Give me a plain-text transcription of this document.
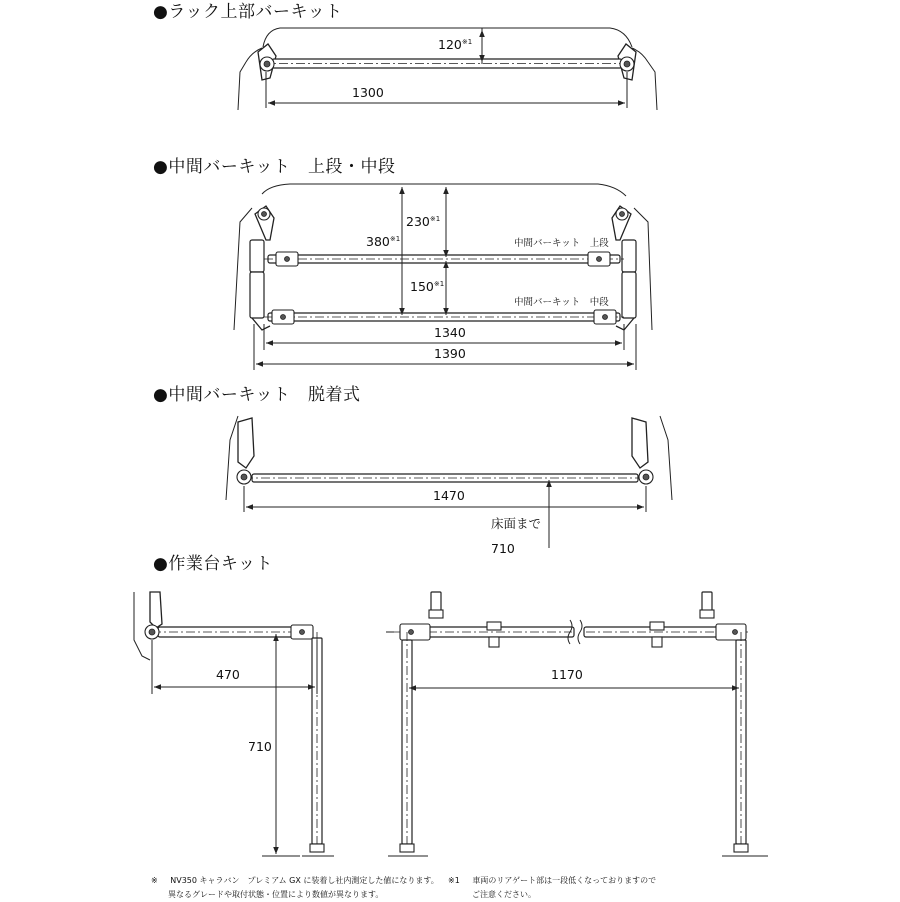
●ラック上部バーキット
●中間バーキット　上段・中段
●中間バーキット　脱着式
●作業台キット
120$^{※1}$
1300
230$^{※1}$
380$^{※1}$
150$^{※1}$
中間バーキット　上段
中間バーキット　中段
1340
1390
1470
床面まで
710
470
710
1170
※ NV350 キャラバン　プレミアム GX に装着し社内測定した値になります。
異なるグレードや取付状態・位置により数値が異なります。
※1 車両のリアゲート部は一段低くなっておりますので
ご注意ください。
